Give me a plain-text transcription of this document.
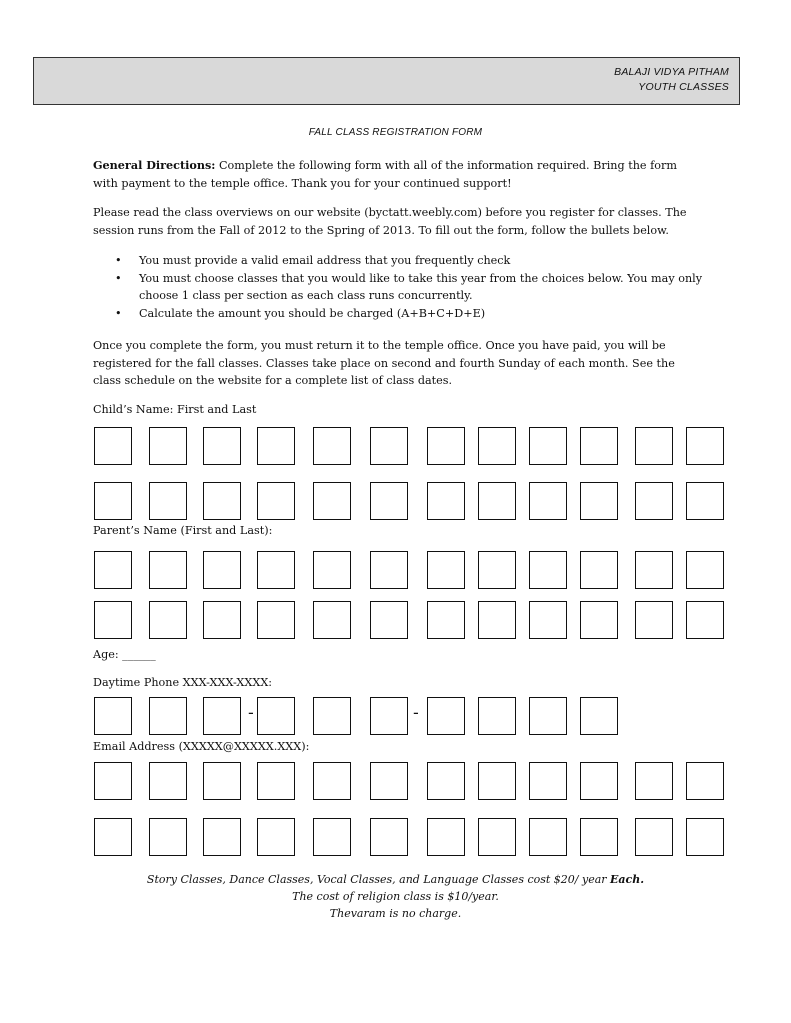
BALAJI VIDYA PITHAM
YOUTH CLASSES
FALL CLASS REGISTRATION FORM
General Directions: Complete the following form with all of the information required. Bring the form with payment to the temple office. Thank you for your continued support!
Please read the class overviews on our website (byctatt.weebly.com) before you register for classes. The session runs from the Fall of 2012 to the Spring of 2013. To fill out the form, follow the bullets below.
• You must provide a valid email address that you frequently check
• You must choose classes that you would like to take this year from the choices below. You may only choose 1 class per section as each class runs concurrently.
• Calculate the amount you should be charged (A+B+C+D+E)
Once you complete the form, you must return it to the temple office. Once you have paid, you will be registered for the fall classes. Classes take place on second and fourth Sunday of each month. See the class schedule on the website for a complete list of class dates.
Child’s Name: First and Last
Parent’s Name (First and Last):
Age: ______
Daytime Phone XXX-XXX-XXXX:
-	-
Email Address (XXXXX@XXXXX.XXX):
Story Classes, Dance Classes, Vocal Classes, and Language Classes cost $20/ year Each.
The cost of religion class is $10/year.
Thevaram is no charge.
